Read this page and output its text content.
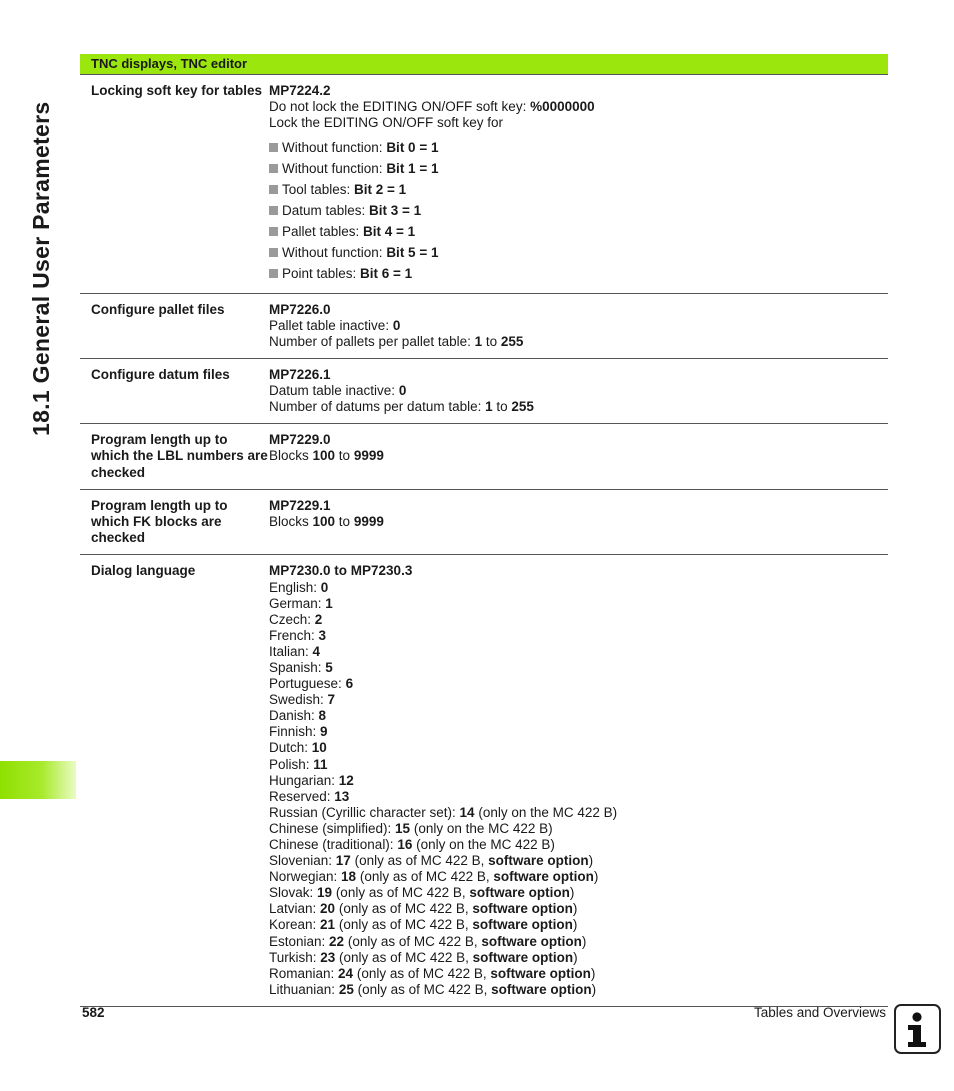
18.1 General User Parameters
TNC displays, TNC editor
Locking soft key for tables MP7224.2
Do not lock the EDITING ON/OFF soft key: %0000000
Lock the EDITING ON/OFF soft key for
Without function: Bit 0 = 1
Without function: Bit 1 = 1
Tool tables: Bit 2 = 1
Datum tables: Bit 3 = 1
Pallet tables: Bit 4 = 1
Without function: Bit 5 = 1
Point tables: Bit 6 = 1
Configure pallet files	MP7226.0
Pallet table inactive: 0
Number of pallets per pallet table: 1 to 255
Configure datum files	MP7226.1
Datum table inactive: 0
Number of datums per datum table: 1 to 255
Program length up to which the LBL numbers are checked
MP7229.0
Blocks 100 to 9999
Program length up to which FK blocks are checked
MP7229.1
Blocks 100 to 9999
Dialog language	MP7230.0 to MP7230.3
English: 0
German: 1
Czech: 2
French: 3
Italian: 4
Spanish: 5
Portuguese: 6
Swedish: 7
Danish: 8
Finnish: 9
Dutch: 10
Polish: 11
Hungarian: 12
Reserved: 13
Russian (Cyrillic character set): 14 (only on the MC 422 B)
Chinese (simplified): 15 (only on the MC 422 B)
Chinese (traditional): 16 (only on the MC 422 B)
Slovenian: 17 (only as of MC 422 B, software option)
Norwegian: 18 (only as of MC 422 B, software option)
Slovak: 19 (only as of MC 422 B, software option)
Latvian: 20 (only as of MC 422 B, software option)
Korean: 21 (only as of MC 422 B, software option)
Estonian: 22 (only as of MC 422 B, software option)
Turkish: 23 (only as of MC 422 B, software option)
Romanian: 24 (only as of MC 422 B, software option)
Lithuanian: 25 (only as of MC 422 B, software option)
582	Tables and Overviews
